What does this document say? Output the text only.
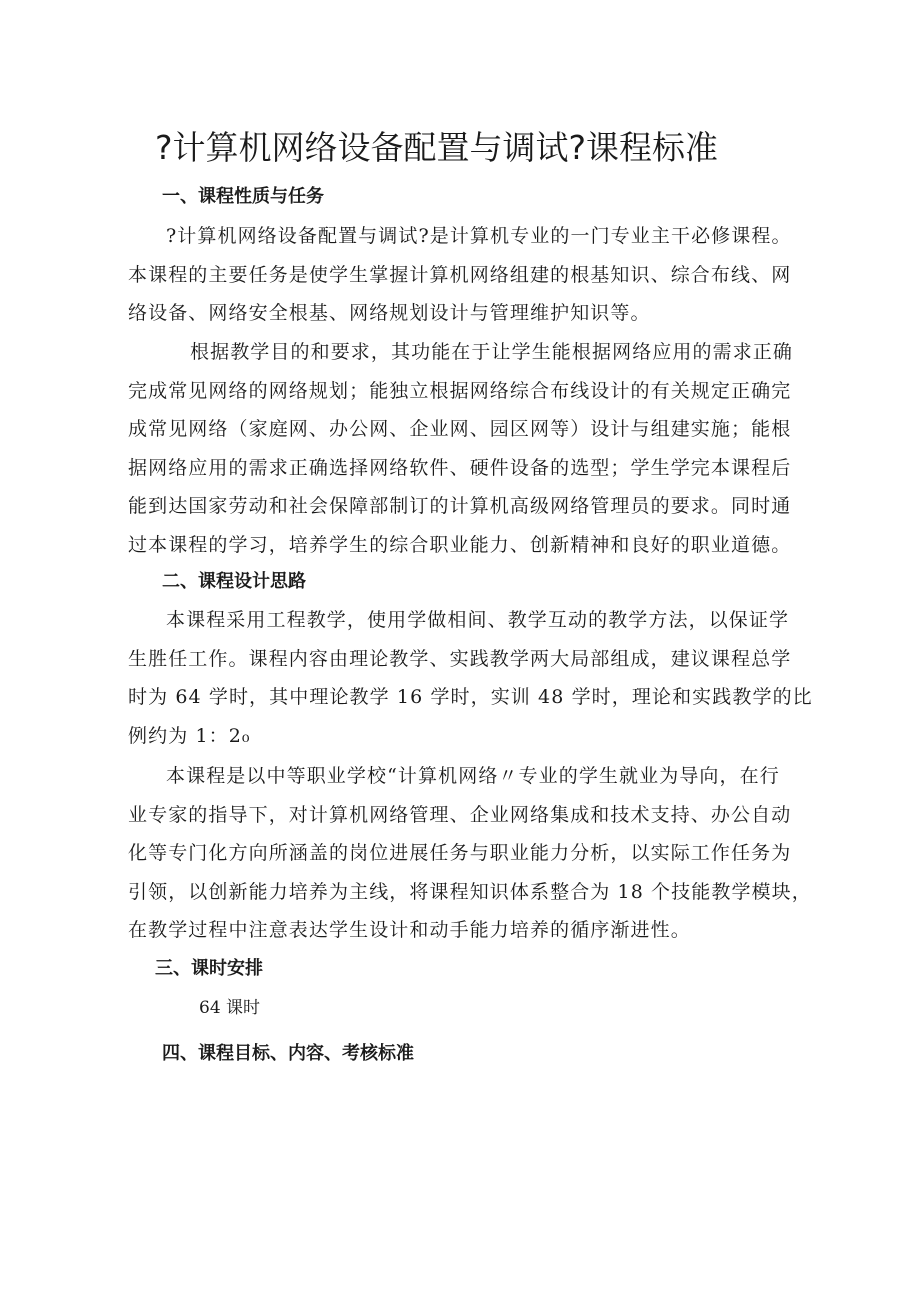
?计算机网络设备配置与调试?课程标准
一、课程性质与任务

?计算机网络设备配置与调试?是计算机专业的一门专业主干必修课程。
本课程的主要任务是使学生掌握计算机网络组建的根基知识、综合布线、网
络设备、网络安全根基、网络规划设计与管理维护知识等。

根据教学目的和要求，其功能在于让学生能根据网络应用的需求正确
完成常见网络的网络规划；能独立根据网络综合布线设计的有关规定正确完
成常见网络（家庭网、办公网、企业网、园区网等）设计与组建实施；能根
据网络应用的需求正确选择网络软件、硬件设备的选型；学生学完本课程后
能到达国家劳动和社会保障部制订的计算机高级网络管理员的要求。同时通
过本课程的学习，培养学生的综合职业能力、创新精神和良好的职业道德。

二、课程设计思路

本课程采用工程教学，使用学做相间、教学互动的教学方法，以保证学
生胜任工作。课程内容由理论教学、实践教学两大局部组成，建议课程总学
时为 64 学时，其中理论教学 16 学时，实训 48 学时，理论和实践教学的比
例约为 1：2₀

本课程是以中等职业学校“计算机网络〃专业的学生就业为导向，在行
业专家的指导下，对计算机网络管理、企业网络集成和技术支持、办公自动
化等专门化方向所涵盖的岗位进展任务与职业能力分析，以实际工作任务为
引领，以创新能力培养为主线，将课程知识体系整合为 18 个技能教学模块，
在教学过程中注意表达学生设计和动手能力培养的循序渐进性。

三、课时安排

64 课时

四、课程目标、内容、考核标准
